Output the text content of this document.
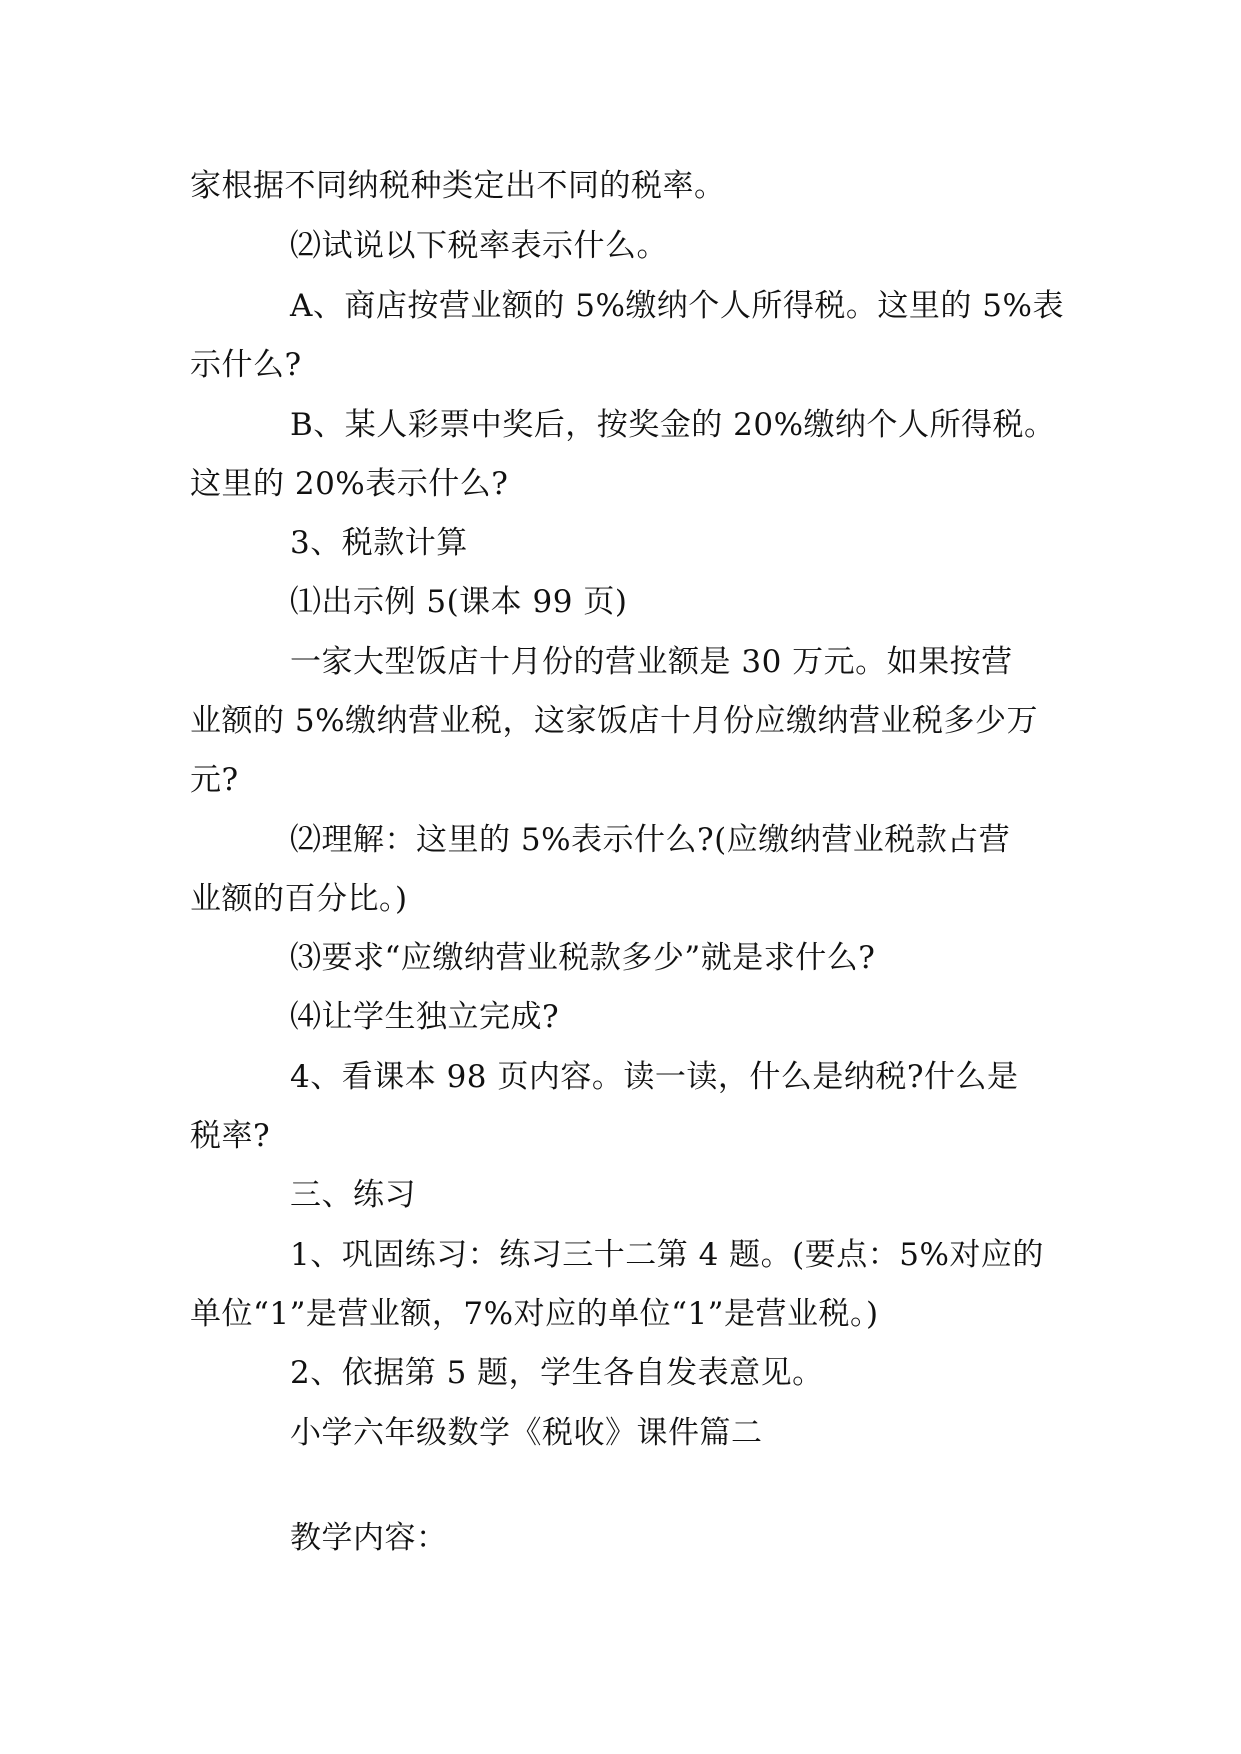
家根据不同纳税种类定出不同的税率。
⑵试说以下税率表示什么。
A、商店按营业额的 5%缴纳个人所得税。这里的 5%表
示什么?
B、某人彩票中奖后，按奖金的 20%缴纳个人所得税。
这里的 20%表示什么?
3、税款计算
⑴出示例 5(课本 99 页)
一家大型饭店十月份的营业额是 30 万元。如果按营
业额的 5%缴纳营业税，这家饭店十月份应缴纳营业税多少万
元?
⑵理解：这里的 5%表示什么?(应缴纳营业税款占营
业额的百分比。)
⑶要求“应缴纳营业税款多少”就是求什么?
⑷让学生独立完成?
4、看课本 98 页内容。读一读，什么是纳税?什么是
税率?
三、练习
1、巩固练习：练习三十二第 4 题。(要点：5%对应的
单位“1”是营业额，7%对应的单位“1”是营业税。)
2、依据第 5 题，学生各自发表意见。
小学六年级数学《税收》课件篇二
教学内容：
